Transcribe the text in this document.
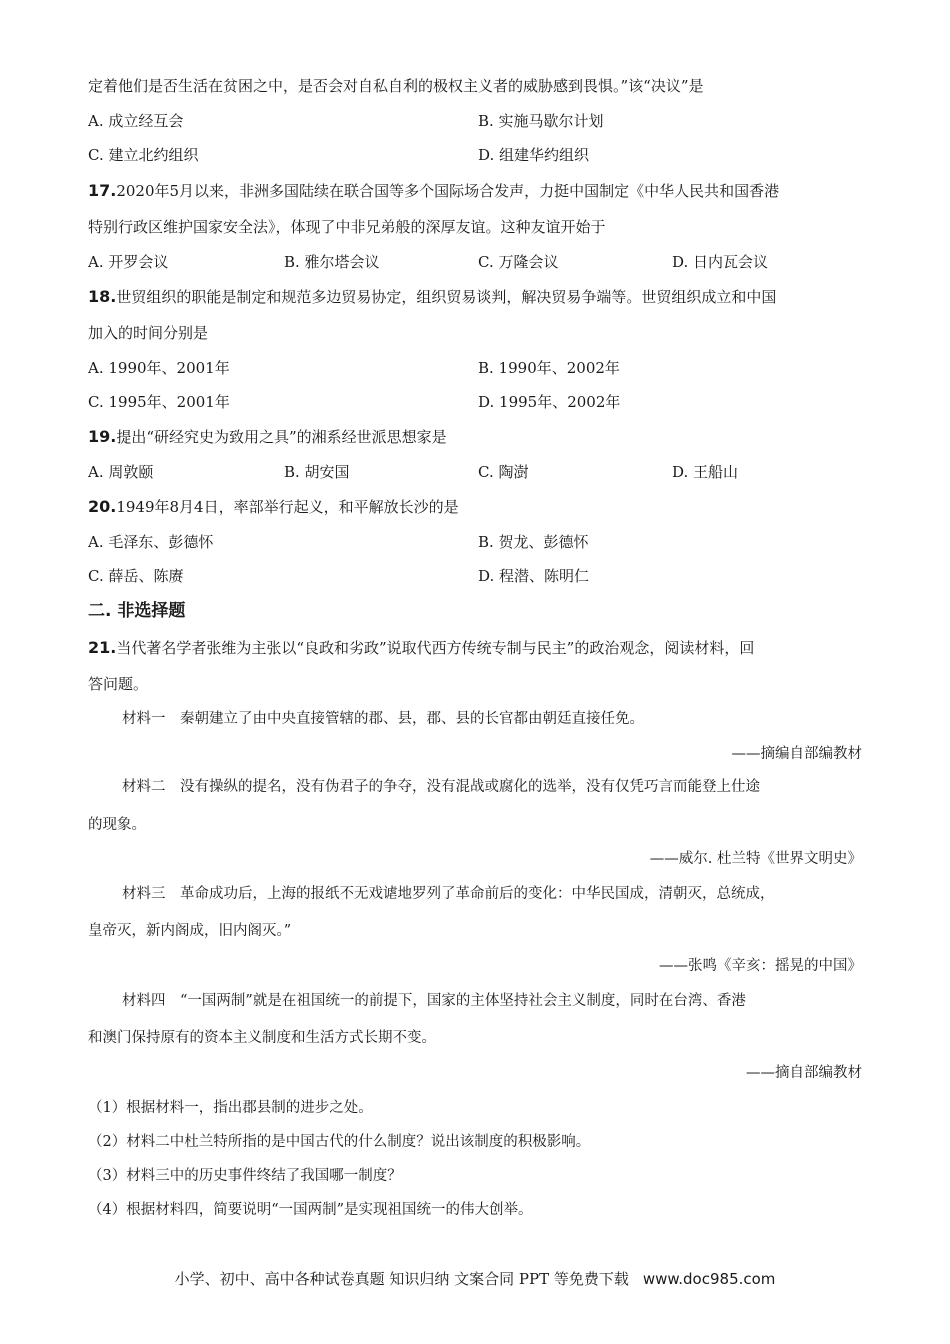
定着他们是否生活在贫困之中，是否会对自私自利的极权主义者的威胁感到畏惧。”该“决议”是
A. 成立经互会	B. 实施马歇尔计划
C. 建立北约组织	D. 组建华约组织
17.2020年5月以来，非洲多国陆续在联合国等多个国际场合发声，力挺中国制定《中华人民共和国香港
特别行政区维护国家安全法》，体现了中非兄弟般的深厚友谊。这种友谊开始于
A. 开罗会议	B. 雅尔塔会议	C. 万隆会议	D. 日内瓦会议
18.世贸组织的职能是制定和规范多边贸易协定，组织贸易谈判，解决贸易争端等。世贸组织成立和中国
加入的时间分别是
A. 1990年、2001年	B. 1990年、2002年
C. 1995年、2001年	D. 1995年、2002年
19.提出“研经究史为致用之具”的湘系经世派思想家是
A. 周敦颐	B. 胡安国	C. 陶澍	D. 王船山
20.1949年8月4日，率部举行起义，和平解放长沙的是
A. 毛泽东、彭德怀	B. 贺龙、彭德怀
C. 薛岳、陈赓	D. 程潜、陈明仁
二. 非选择题
21.当代著名学者张维为主张以“良政和劣政”说取代西方传统专制与民主”的政治观念，阅读材料，回
答问题。
材料一　秦朝建立了由中央直接管辖的郡、县，郡、县的长官都由朝廷直接任免。
——摘编自部编教材
材料二　没有操纵的提名，没有伪君子的争夺，没有混战或腐化的选举，没有仅凭巧言而能登上仕途
的现象。
——威尔. 杜兰特《世界文明史》
材料三　革命成功后，上海的报纸不无戏谑地罗列了革命前后的变化：中华民国成，清朝灭，总统成，
皇帝灭，新内阁成，旧内阁灭。”
——张鸣《辛亥：摇晃的中国》
材料四　“一国两制”就是在祖国统一的前提下，国家的主体坚持社会主义制度，同时在台湾、香港
和澳门保持原有的资本主义制度和生活方式长期不变。
——摘自部编教材
（1）根据材料一，指出郡县制的进步之处。
（2）材料二中杜兰特所指的是中国古代的什么制度？说出该制度的积极影响。
（3）材料三中的历史事件终结了我国哪一制度？
（4）根据材料四，简要说明“一国两制”是实现祖国统一的伟大创举。
小学、初中、高中各种试卷真题 知识归纳 文案合同 PPT 等免费下载 www.doc985.com
